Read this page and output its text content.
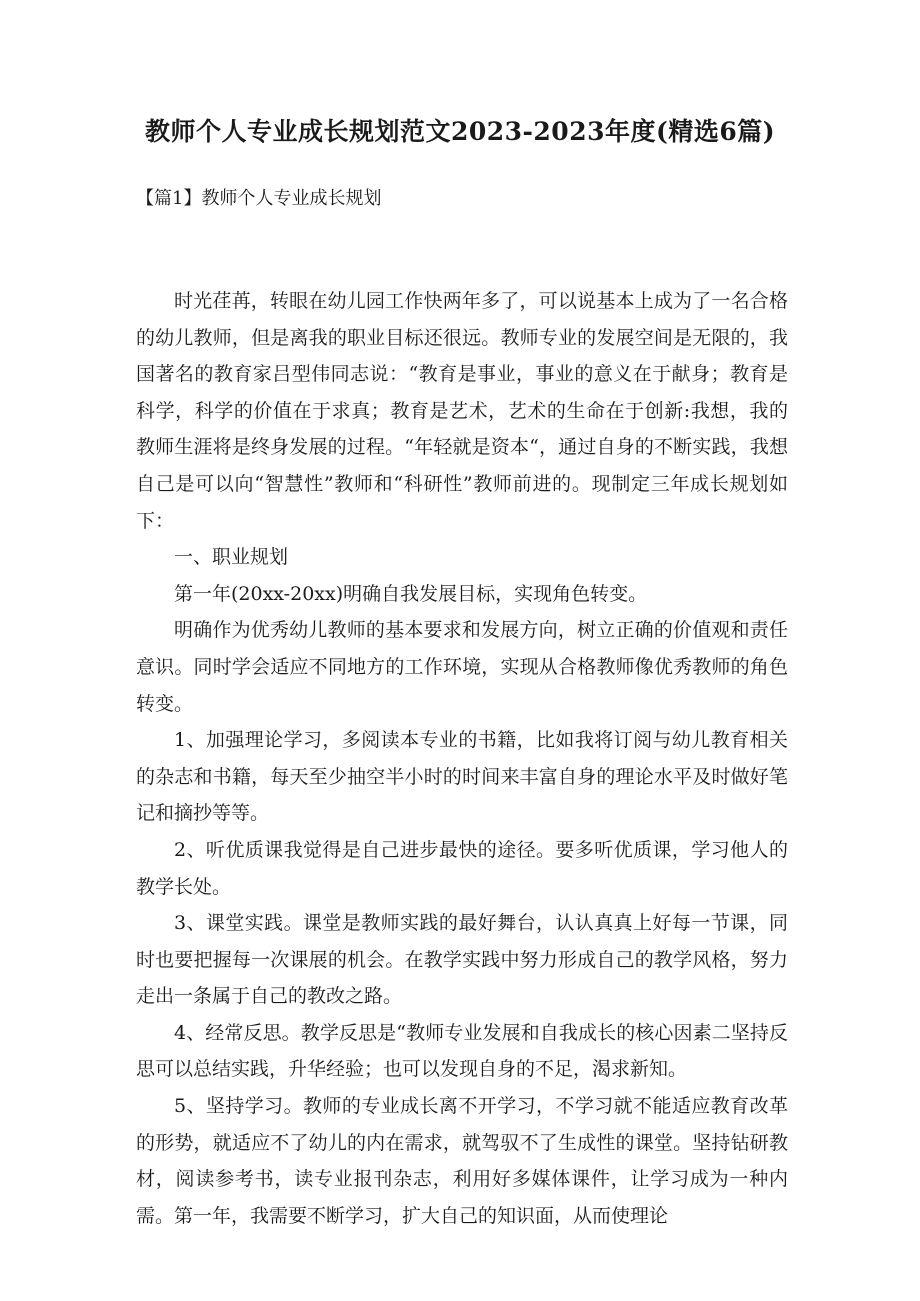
教师个人专业成长规划范文2023-2023年度(精选6篇)
【篇1】教师个人专业成长规划

时光荏苒，转眼在幼儿园工作快两年多了，可以说基本上成为了一名合格的幼儿教师，但是离我的职业目标还很远。教师专业的发展空间是无限的，我国著名的教育家吕型伟同志说：“教育是事业，事业的意义在于献身；教育是科学，科学的价值在于求真；教育是艺术，艺术的生命在于创新:我想，我的教师生涯将是终身发展的过程。“年轻就是资本“，通过自身的不断实践，我想自己是可以向“智慧性”教师和“科研性”教师前进的。现制定三年成长规划如下：

一、职业规划

第一年(20xx-20xx)明确自我发展目标，实现角色转变。

明确作为优秀幼儿教师的基本要求和发展方向，树立正确的价值观和责任意识。同时学会适应不同地方的工作环境，实现从合格教师像优秀教师的角色转变。

1、加强理论学习，多阅读本专业的书籍，比如我将订阅与幼儿教育相关的杂志和书籍，每天至少抽空半小时的时间来丰富自身的理论水平及时做好笔记和摘抄等等。

2、听优质课我觉得是自己进步最快的途径。要多听优质课，学习他人的教学长处。

3、课堂实践。课堂是教师实践的最好舞台，认认真真上好每一节课，同时也要把握每一次课展的机会。在教学实践中努力形成自己的教学风格，努力走出一条属于自己的教改之路。

4、经常反思。教学反思是“教师专业发展和自我成长的核心因素二坚持反思可以总结实践，升华经验；也可以发现自身的不足，渴求新知。

5、坚持学习。教师的专业成长离不开学习，不学习就不能适应教育改革的形势，就适应不了幼儿的内在需求，就驾驭不了生成性的课堂。坚持钻研教材，阅读参考书，读专业报刊杂志，利用好多媒体课件，让学习成为一种内需。第一年，我需要不断学习，扩大自己的知识面，从而使理论
